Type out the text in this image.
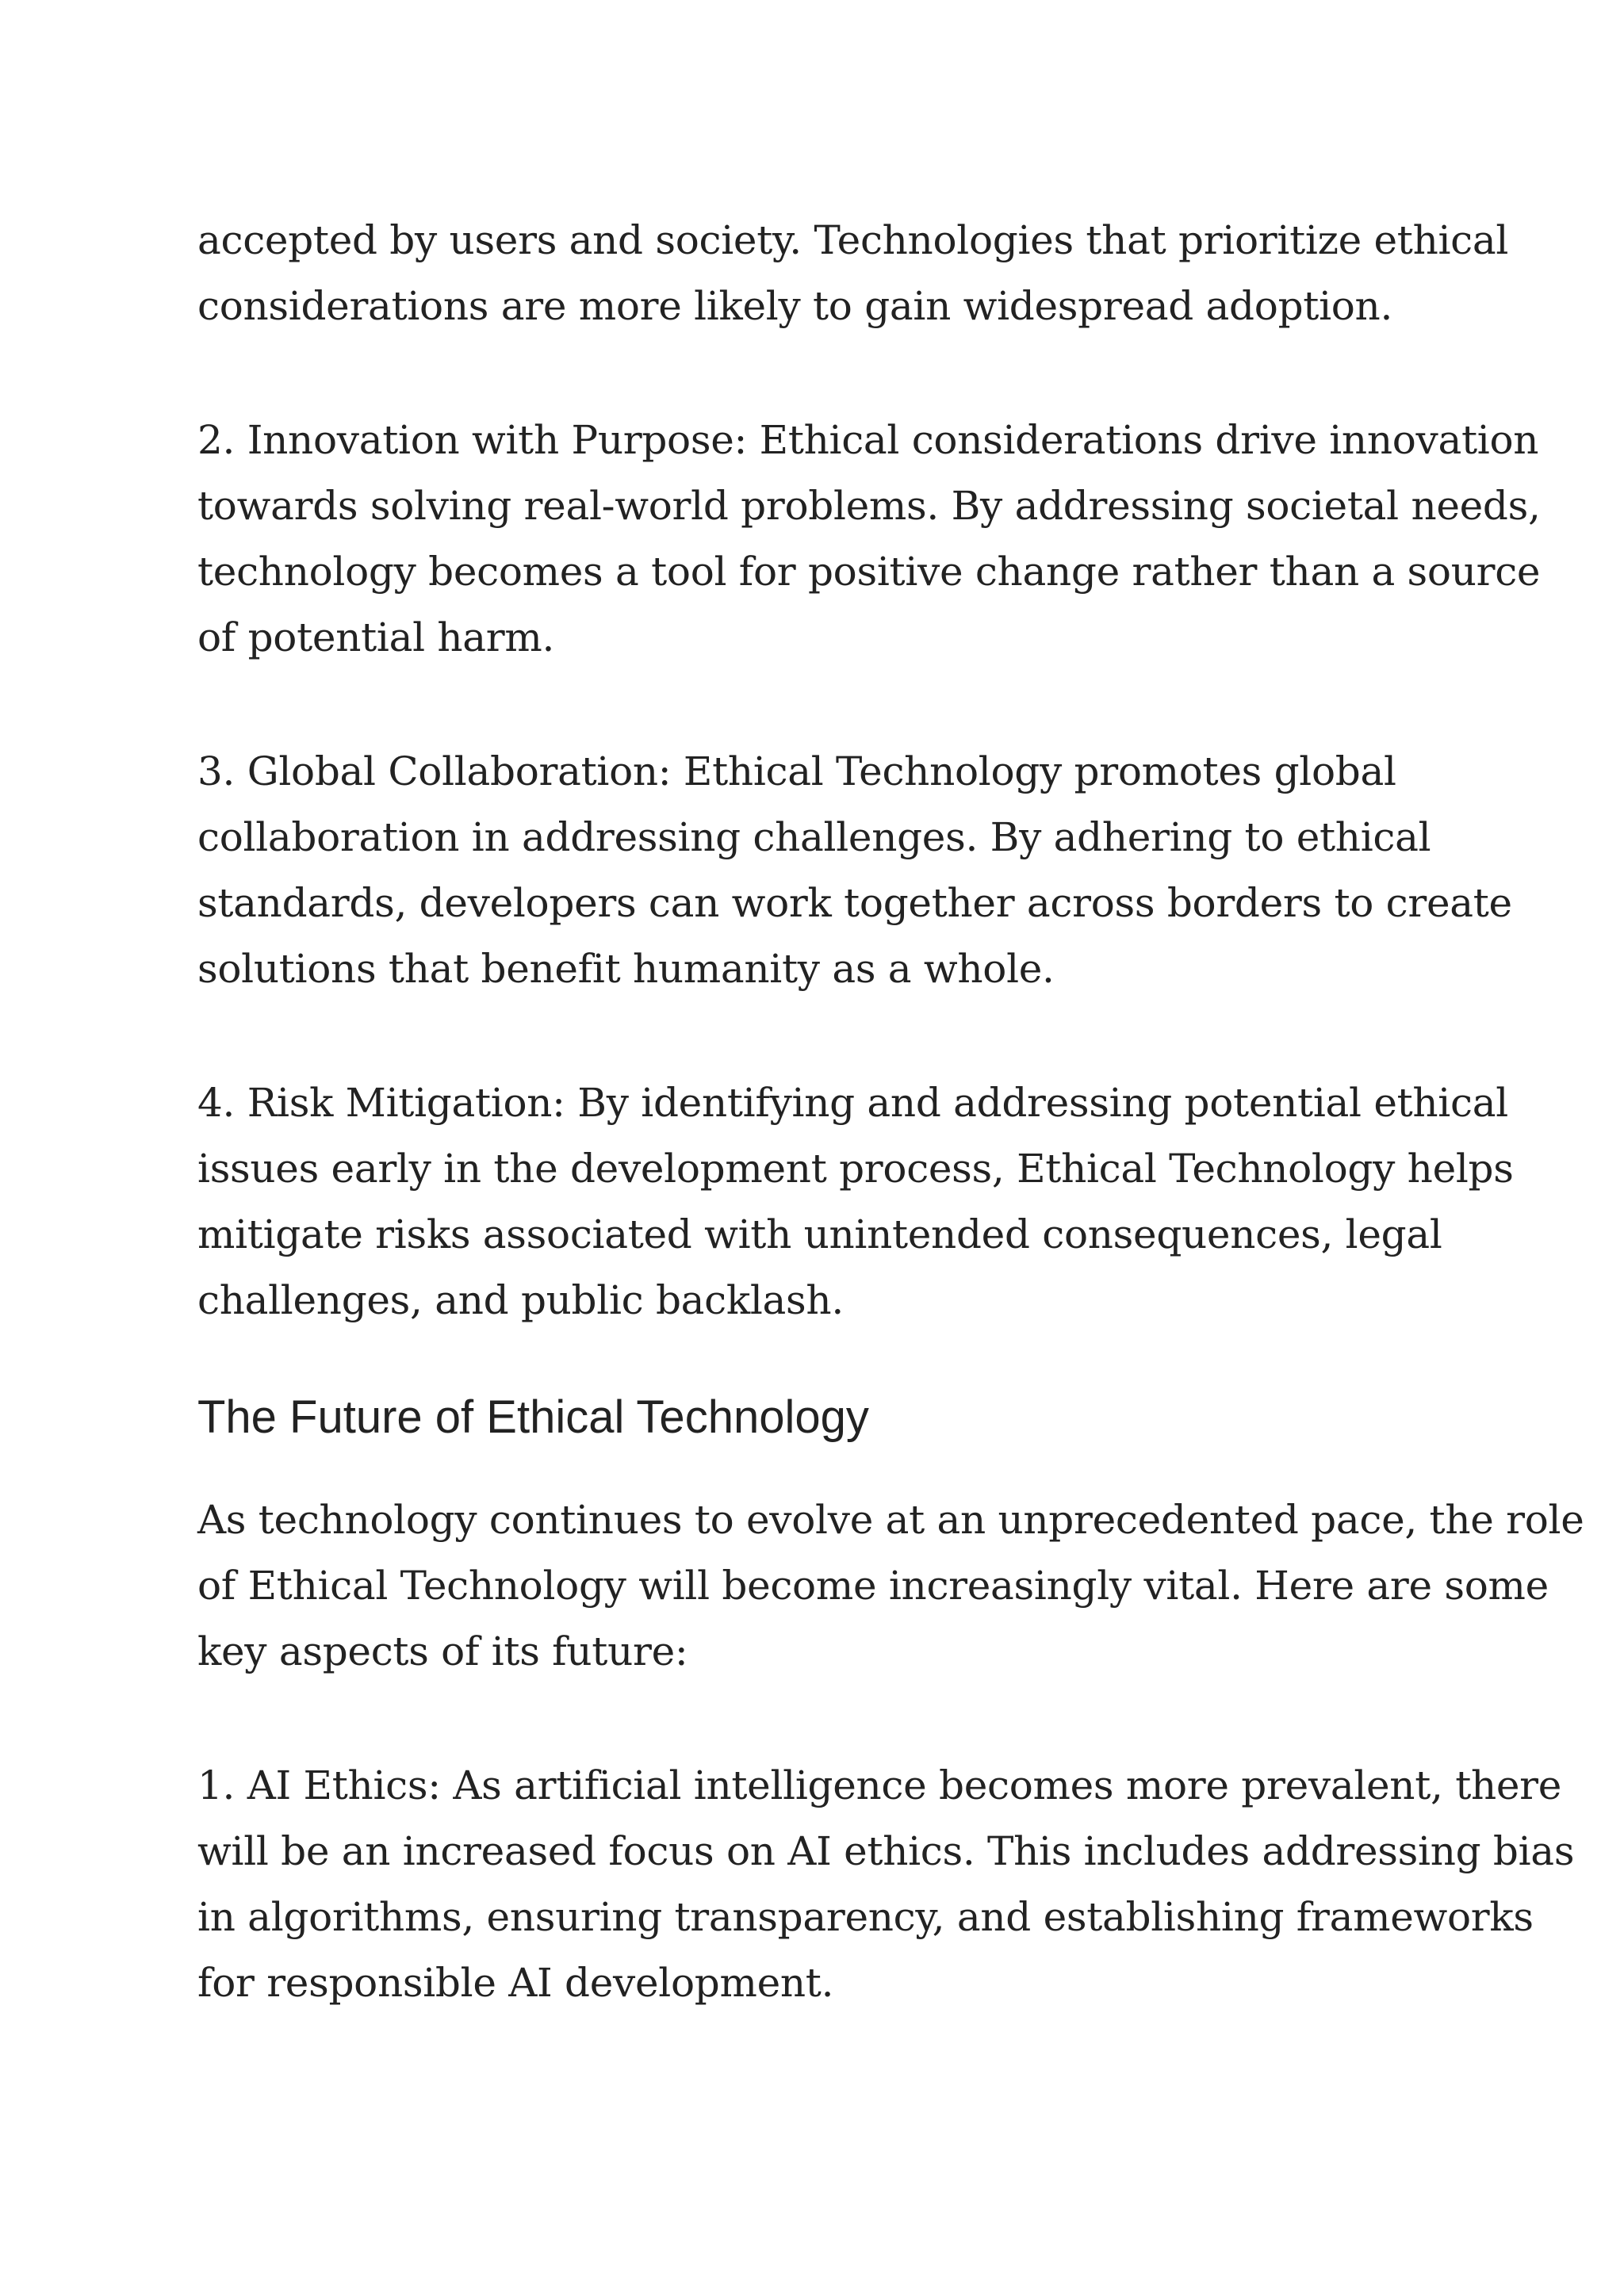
accepted by users and society. Technologies that prioritize ethical
considerations are more likely to gain widespread adoption.

2. Innovation with Purpose: Ethical considerations drive innovation
towards solving real-world problems. By addressing societal needs,
technology becomes a tool for positive change rather than a source
of potential harm.

3. Global Collaboration: Ethical Technology promotes global
collaboration in addressing challenges. By adhering to ethical
standards, developers can work together across borders to create
solutions that benefit humanity as a whole.

4. Risk Mitigation: By identifying and addressing potential ethical
issues early in the development process, Ethical Technology helps
mitigate risks associated with unintended consequences, legal
challenges, and public backlash.

The Future of Ethical Technology

As technology continues to evolve at an unprecedented pace, the role
of Ethical Technology will become increasingly vital. Here are some
key aspects of its future:

1. AI Ethics: As artificial intelligence becomes more prevalent, there
will be an increased focus on AI ethics. This includes addressing bias
in algorithms, ensuring transparency, and establishing frameworks
for responsible AI development.
